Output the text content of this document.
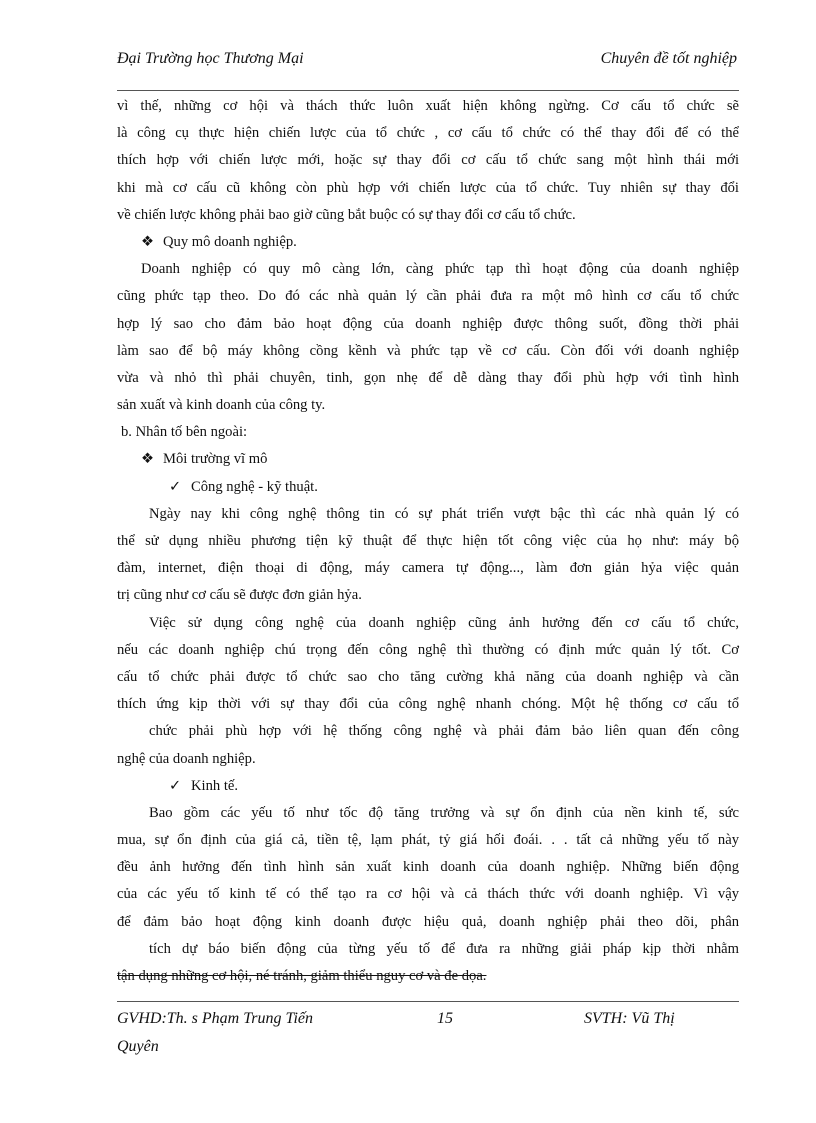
Đại Trường học Thương Mại	Chuyên đề tốt nghiệp
vì thế, những cơ hội và thách thức luôn xuất hiện không ngừng. Cơ cấu tổ chức sẽ
là công cụ thực hiện chiến lược của tổ chức , cơ cấu tổ chức có thể thay đổi để có thể
thích hợp với chiến lược mới, hoặc sự thay đổi cơ cấu tổ chức sang một hình thái mới
khi mà cơ cấu cũ không còn phù hợp với chiến lược của tổ chức. Tuy nhiên sự thay đổi
về chiến lược không phải bao giờ cũng bắt buộc có sự thay đổi cơ cấu tổ chức.
❖ Quy mô doanh nghiệp.
Doanh nghiệp có quy mô càng lớn, càng phức tạp thì hoạt động của doanh nghiệp
cũng phức tạp theo. Do đó các nhà quản lý cần phải đưa ra một mô hình cơ cấu tổ chức
hợp lý sao cho đảm bảo hoạt động của doanh nghiệp được thông suốt, đồng thời phải
làm sao để bộ máy không cồng kềnh và phức tạp về cơ cấu. Còn đối với doanh nghiệp
vừa và nhỏ thì phải chuyên, tinh, gọn nhẹ để dễ dàng thay đổi phù hợp với tình hình
sản xuất và kinh doanh của công ty.
b. Nhân tố bên ngoài:
❖ Môi trường vĩ mô
✓ Công nghệ - kỹ thuật.
Ngày nay khi công nghệ thông tin có sự phát triển vượt bậc thì các nhà quản lý có
thể sử dụng nhiều phương tiện kỹ thuật để thực hiện tốt công việc của họ như: máy bộ
đàm, internet, điện thoại di động, máy camera tự động..., làm đơn giản hỷa việc quản
trị cũng như cơ cấu sẽ được đơn giản hỷa.
Việc sử dụng công nghệ của doanh nghiệp cũng ảnh hưởng đến cơ cấu tổ chức,
nếu các doanh nghiệp chú trọng đến công nghệ thì thường có định mức quản lý tốt. Cơ
cấu tổ chức phải được tổ chức sao cho tăng cường khả năng của doanh nghiệp và cần
thích ứng kịp thời với sự thay đổi của công nghệ nhanh chóng. Một hệ thống cơ cấu tổ
chức phải phù hợp với hệ thống công nghệ và phải đảm bảo liên quan đến công
nghệ của doanh nghiệp.
✓ Kinh tế.
Bao gồm các yếu tố như tốc độ tăng trưởng và sự ổn định của nền kinh tế, sức
mua, sự ổn định của giá cả, tiền tệ, lạm phát, tỷ giá hối đoái. . . tất cả những yếu tố này
đều ảnh hưởng đến tình hình sản xuất kinh doanh của doanh nghiệp. Những biến động
của các yếu tố kinh tế có thể tạo ra cơ hội và cả thách thức với doanh nghiệp. Vì vậy
để đảm bảo hoạt động kinh doanh được hiệu quả, doanh nghiệp phải theo dõi, phân
tích dự báo biến động của từng yếu tố để đưa ra những giải pháp kịp thời nhằm
tận dụng những cơ hội, né tránh, giảm thiểu nguy cơ và đe dọa.
GVHD:Th. s Phạm Trung Tiến	15	SVTH: Vũ Thị
Quyên
